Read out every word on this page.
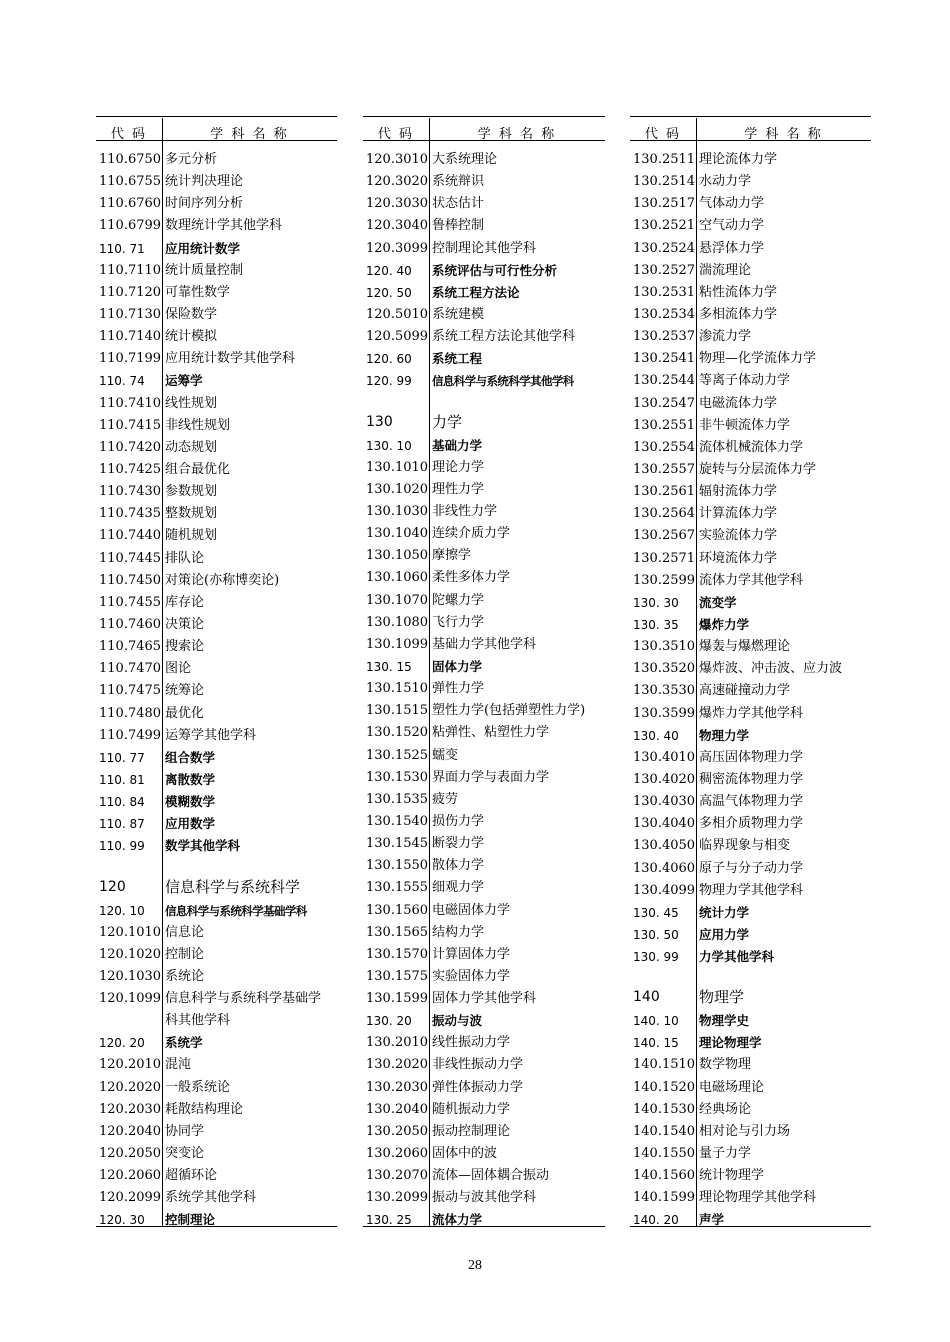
代 码	学 科 名 称
110.6750 多元分析
110.6755 统计判决理论
110.6760 时间序列分析
110.6799 数理统计学其他学科
110. 71 应用统计数学
110.7110 统计质量控制
110.7120 可靠性数学
110.7130 保险数学
110.7140 统计模拟
110.7199 应用统计数学其他学科
110. 74 运筹学
110.7410 线性规划
110.7415 非线性规划
110.7420 动态规划
110.7425 组合最优化
110.7430 参数规划
110.7435 整数规划
110.7440 随机规划
110.7445 排队论
110.7450 对策论(亦称博奕论)
110.7455 库存论
110.7460 决策论
110.7465 搜索论
110.7470 图论
110.7475 统筹论
110.7480 最优化
110.7499 运筹学其他学科
110. 77 组合数学
110. 81 离散数学
110. 84 模糊数学
110. 87 应用数学
110. 99 数学其他学科
120	信息科学与系统科学
120. 10 信息科学与系统科学基础学科
120.1010 信息论
120.1020 控制论
120.1030 系统论
120.1099 信息科学与系统科学基础学
科其他学科
120. 20 系统学
120.2010 混沌
120.2020 一般系统论
120.2030 耗散结构理论
120.2040 协同学
120.2050 突变论
120.2060 超循环论
120.2099 系统学其他学科
120. 30 控制理论
代 码	学 科 名 称
120.3010 大系统理论
120.3020 系统辩识
120.3030 状态估计
120.3040 鲁棒控制
120.3099 控制理论其他学科
120. 40 系统评估与可行性分析
120. 50 系统工程方法论
120.5010 系统建模
120.5099 系统工程方法论其他学科
120. 60 系统工程
120. 99 信息科学与系统科学其他学科
130	力学
130. 10 基础力学
130.1010 理论力学
130.1020 理性力学
130.1030 非线性力学
130.1040 连续介质力学
130.1050 摩擦学
130.1060 柔性多体力学
130.1070 陀螺力学
130.1080 飞行力学
130.1099 基础力学其他学科
130. 15 固体力学
130.1510 弹性力学
130.1515 塑性力学(包括弹塑性力学)
130.1520 粘弹性、粘塑性力学
130.1525 蠕变
130.1530 界面力学与表面力学
130.1535 疲劳
130.1540 损伤力学
130.1545 断裂力学
130.1550 散体力学
130.1555 细观力学
130.1560 电磁固体力学
130.1565 结构力学
130.1570 计算固体力学
130.1575 实验固体力学
130.1599 固体力学其他学科
130. 20 振动与波
130.2010 线性振动力学
130.2020 非线性振动力学
130.2030 弹性体振动力学
130.2040 随机振动力学
130.2050 振动控制理论
130.2060 固体中的波
130.2070 流体—固体耦合振动
130.2099 振动与波其他学科
130. 25 流体力学
代 码	学 科 名 称
130.2511 理论流体力学
130.2514 水动力学
130.2517 气体动力学
130.2521 空气动力学
130.2524 悬浮体力学
130.2527 湍流理论
130.2531 粘性流体力学
130.2534 多相流体力学
130.2537 渗流力学
130.2541 物理—化学流体力学
130.2544 等离子体动力学
130.2547 电磁流体力学
130.2551 非牛顿流体力学
130.2554 流体机械流体力学
130.2557 旋转与分层流体力学
130.2561 辐射流体力学
130.2564 计算流体力学
130.2567 实验流体力学
130.2571 环境流体力学
130.2599 流体力学其他学科
130. 30 流变学
130. 35 爆炸力学
130.3510 爆轰与爆燃理论
130.3520 爆炸波、冲击波、应力波
130.3530 高速碰撞动力学
130.3599 爆炸力学其他学科
130. 40 物理力学
130.4010 高压固体物理力学
130.4020 稠密流体物理力学
130.4030 高温气体物理力学
130.4040 多相介质物理力学
130.4050 临界现象与相变
130.4060 原子与分子动力学
130.4099 物理力学其他学科
130. 45 统计力学
130. 50 应用力学
130. 99 力学其他学科
140	物理学
140. 10 物理学史
140. 15 理论物理学
140.1510 数学物理
140.1520 电磁场理论
140.1530 经典场论
140.1540 相对论与引力场
140.1550 量子力学
140.1560 统计物理学
140.1599 理论物理学其他学科
140. 20 声学
28
